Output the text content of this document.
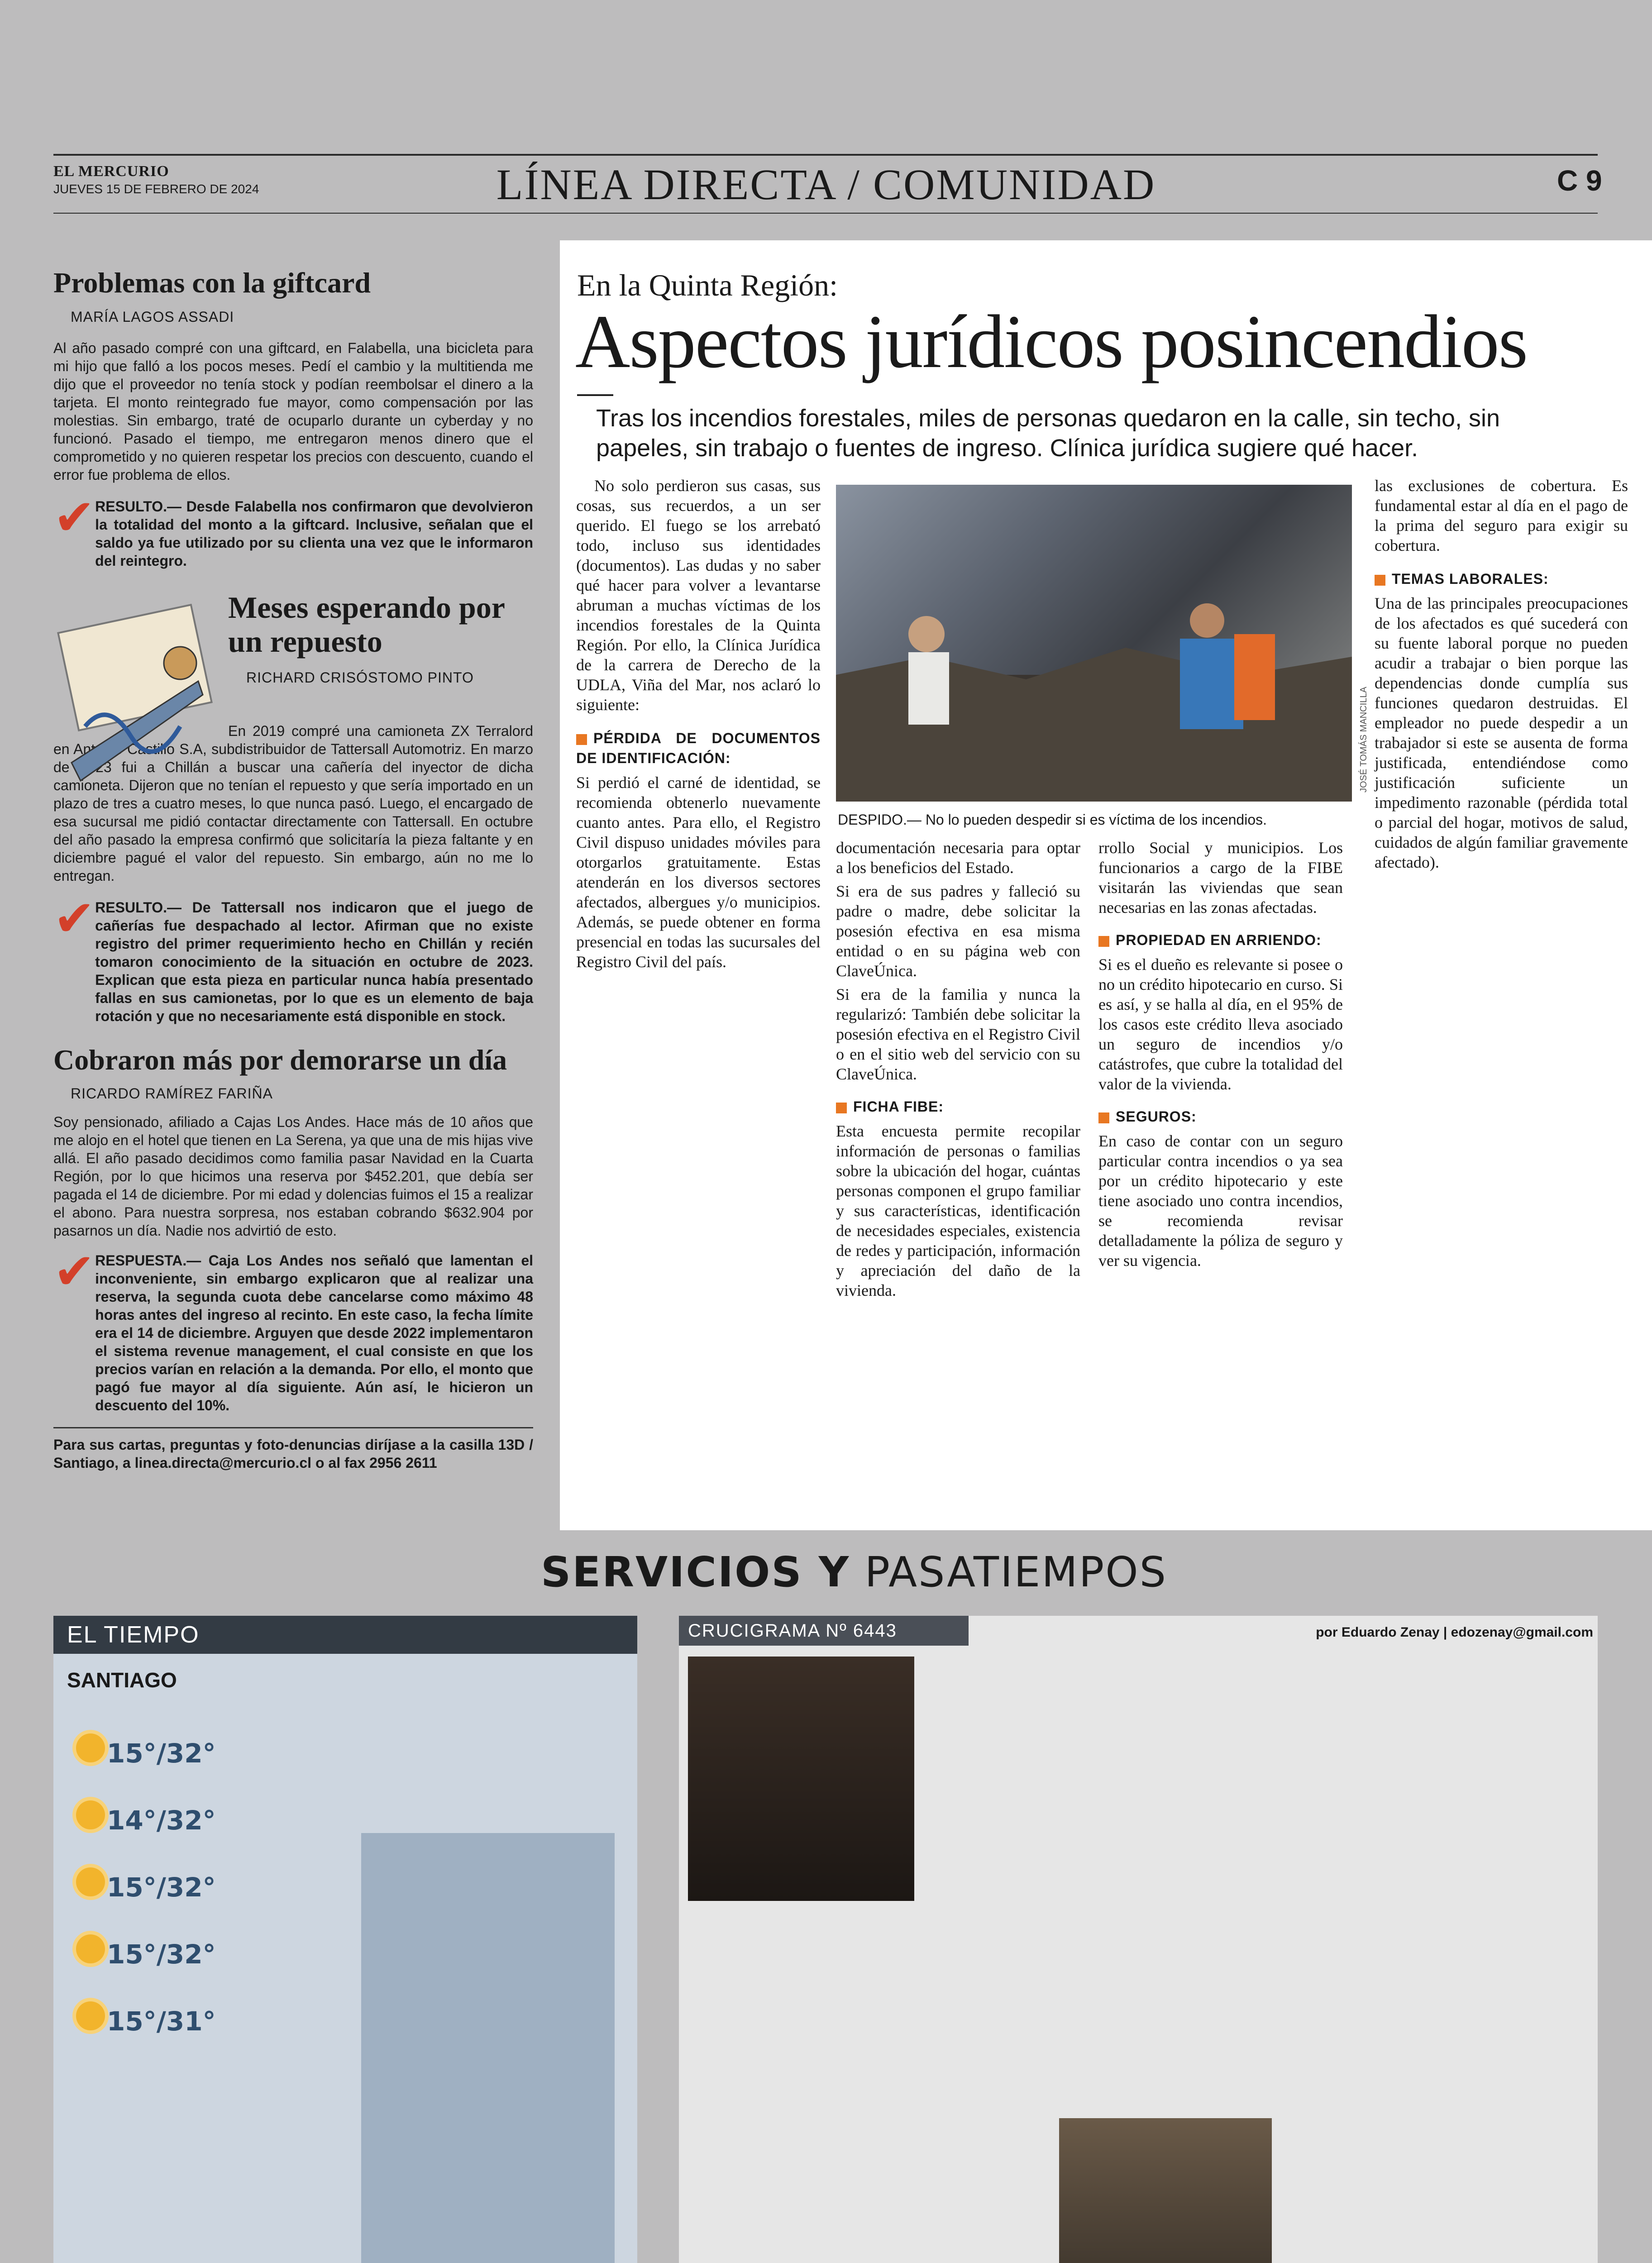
EL MERCURIO
JUEVES 15 DE FEBRERO DE 2024	LÍNEA DIRECTA / COMUNIDAD	C 9
Problemas con la giftcard
MARÍA LAGOS ASSADI
Al año pasado compré con una giftcard, en Falabella, una bicicleta para mi hijo que falló a los pocos meses. Pedí el cambio y la multitienda me dijo que el proveedor no tenía stock y podían reembolsar el dinero a la tarjeta. El monto reintegrado fue mayor, como compensación por las molestias. Sin embargo, traté de ocuparlo durante un cyberday y no funcionó. Pasado el tiempo, me entregaron menos dinero que el comprometido y no quieren respetar los precios con descuento, cuando el error fue problema de ellos.
✔ RESULTO.— Desde Falabella nos confirmaron que devolvieron la totalidad del monto a la giftcard. Inclusive, señalan que el saldo ya fue utilizado por su clienta una vez que le informaron del reintegro.
Meses esperando por un repuesto
RICHARD CRISÓSTOMO PINTO
En 2019 compré una camioneta ZX Terralord en Antonio Castillo S.A, subdistribuidor de Tattersall Automotriz. En marzo de 2023 fui a Chillán a buscar una cañería del inyector de dicha camioneta. Dijeron que no tenían el repuesto y que sería importado en un plazo de tres a cuatro meses, lo que nunca pasó. Luego, el encargado de esa sucursal me pidió contactar directamente con Tattersall. En octubre del año pasado la empresa confirmó que solicitaría la pieza faltante y en diciembre pagué el valor del repuesto. Sin embargo, aún no me lo entregan.
✔ RESULTO.— De Tattersall nos indicaron que el juego de cañerías fue despachado al lector. Afirman que no existe registro del primer requerimiento hecho en Chillán y recién tomaron conocimiento de la situación en octubre de 2023. Explican que esta pieza en particular nunca había presentado fallas en sus camionetas, por lo que es un elemento de baja rotación y que no necesariamente está disponible en stock.
Cobraron más por demorarse un día
RICARDO RAMÍREZ FARIÑA
Soy pensionado, afiliado a Cajas Los Andes. Hace más de 10 años que me alojo en el hotel que tienen en La Serena, ya que una de mis hijas vive allá. El año pasado decidimos como familia pasar Navidad en la Cuarta Región, por lo que hicimos una reserva por $452.201, que debía ser pagada el 14 de diciembre. Por mi edad y dolencias fuimos el 15 a realizar el abono. Para nuestra sorpresa, nos estaban cobrando $632.904 por pasarnos un día. Nadie nos advirtió de esto.
✔ RESPUESTA.— Caja Los Andes nos señaló que lamentan el inconveniente, sin embargo explicaron que al realizar una reserva, la segunda cuota debe cancelarse como máximo 48 horas antes del ingreso al recinto. En este caso, la fecha límite era el 14 de diciembre. Arguyen que desde 2022 implementaron el sistema revenue management, el cual consiste en que los precios varían en relación a la demanda. Por ello, el monto que pagó fue mayor al día siguiente. Aún así, le hicieron un descuento del 10%.
Para sus cartas, preguntas y foto-denuncias diríjase a la casilla 13D / Santiago, a linea.directa@mercurio.cl o al fax 2956 2611
En la Quinta Región:
Aspectos jurídicos posincendios
Tras los incendios forestales, miles de personas quedaron en la calle, sin techo, sin papeles, sin trabajo o fuentes de ingreso. Clínica jurídica sugiere qué hacer.
No solo perdieron sus casas, sus cosas, sus recuerdos, a un ser querido. El fuego se los arrebató todo, incluso sus identidades (documentos). Las dudas y no saber qué hacer para volver a levantarse abruman a muchas víctimas de los incendios forestales de la Quinta Región. Por ello, la Clínica Jurídica de la carrera de Derecho de la UDLA, Viña del Mar, nos aclaró lo siguiente:
PÉRDIDA DE DOCUMENTOS DE IDENTIFICACIÓN:
Si perdió el carné de identidad, se recomienda obtenerlo nuevamente cuanto antes. Para ello, el Registro Civil dispuso unidades móviles para otorgarlos gratuitamente. Estas atenderán en los diversos sectores afectados, albergues y/o municipios. Además, se puede obtener en forma presencial en todas las sucursales del Registro Civil del país.
JOSÉ TOMÁS MANCILLA
DESPIDO.— No lo pueden despedir si es víctima de los incendios.
documentación necesaria para optar a los beneficios del Estado.
Si era de sus padres y falleció su padre o madre, debe solicitar la posesión efectiva en esa misma entidad o en su página web con ClaveÚnica.
Si era de la familia y nunca la regularizó: También debe solicitar la posesión efectiva en el Registro Civil o en el sitio web del servicio con su ClaveÚnica.
FICHA FIBE:
Esta encuesta permite recopilar información de personas o familias sobre la ubicación del hogar, cuántas personas componen el grupo familiar y sus características, identificación de necesidades especiales, existencia de redes y participación, información y apreciación del daño de la vivienda.
rrollo Social y municipios. Los funcionarios a cargo de la FIBE visitarán las viviendas que sean necesarias en las zonas afectadas.
PROPIEDAD EN ARRIENDO:
Si es el dueño es relevante si posee o no un crédito hipotecario en curso. Si es así, y se halla al día, en el 95% de los casos este crédito lleva asociado un seguro de incendios y/o catástrofes, que cubre la totalidad del valor de la vivienda.
SEGUROS:
En caso de contar con un seguro particular contra incendios o ya sea por un crédito hipotecario y este tiene asociado uno contra incendios, se recomienda revisar detalladamente la póliza de seguro y ver su vigencia.
las exclusiones de cobertura. Es fundamental estar al día en el pago de la prima del seguro para exigir su cobertura.
TEMAS LABORALES:
Una de las principales preocupaciones de los afectados es qué sucederá con su fuente laboral porque no pueden acudir a trabajar o bien porque las dependencias donde cumplía sus funciones quedaron destruidas. El empleador no puede despedir a un trabajador si este se ausenta de forma justificada, entendiéndose como justificación suficiente un impedimento razonable (pérdida total o parcial del hogar, motivos de salud, cuidados de algún familiar gravemente afectado).
SERVICIOS Y PASATIEMPOS
EL TIEMPO
SANTIAGO
15°/32°
14°/32°
15°/32°
15°/32°
15°/31°
CRUCIGRAMA Nº 6443	por Eduardo Zenay | edozenay@gmail.com
